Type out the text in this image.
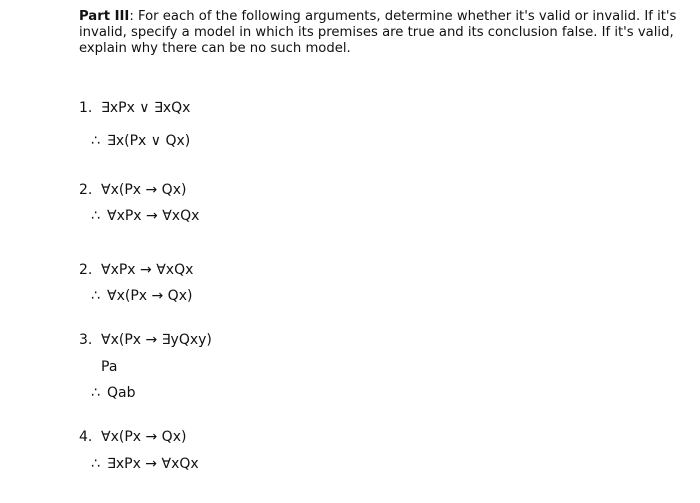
Part III: For each of the following arguments, determine whether it's valid or invalid. If it's invalid, specify a model in which its premises are true and its conclusion false. If it's valid, explain why there can be no such model.
1. ∃xPx ∨ ∃xQx
∴ ∃x(Px ∨ Qx)
2. ∀x(Px → Qx)
∴ ∀xPx → ∀xQx
2. ∀xPx → ∀xQx
∴ ∀x(Px → Qx)
3. ∀x(Px → ∃yQxy)
Pa
∴ Qab
4. ∀x(Px → Qx)
∴ ∃xPx → ∀xQx
